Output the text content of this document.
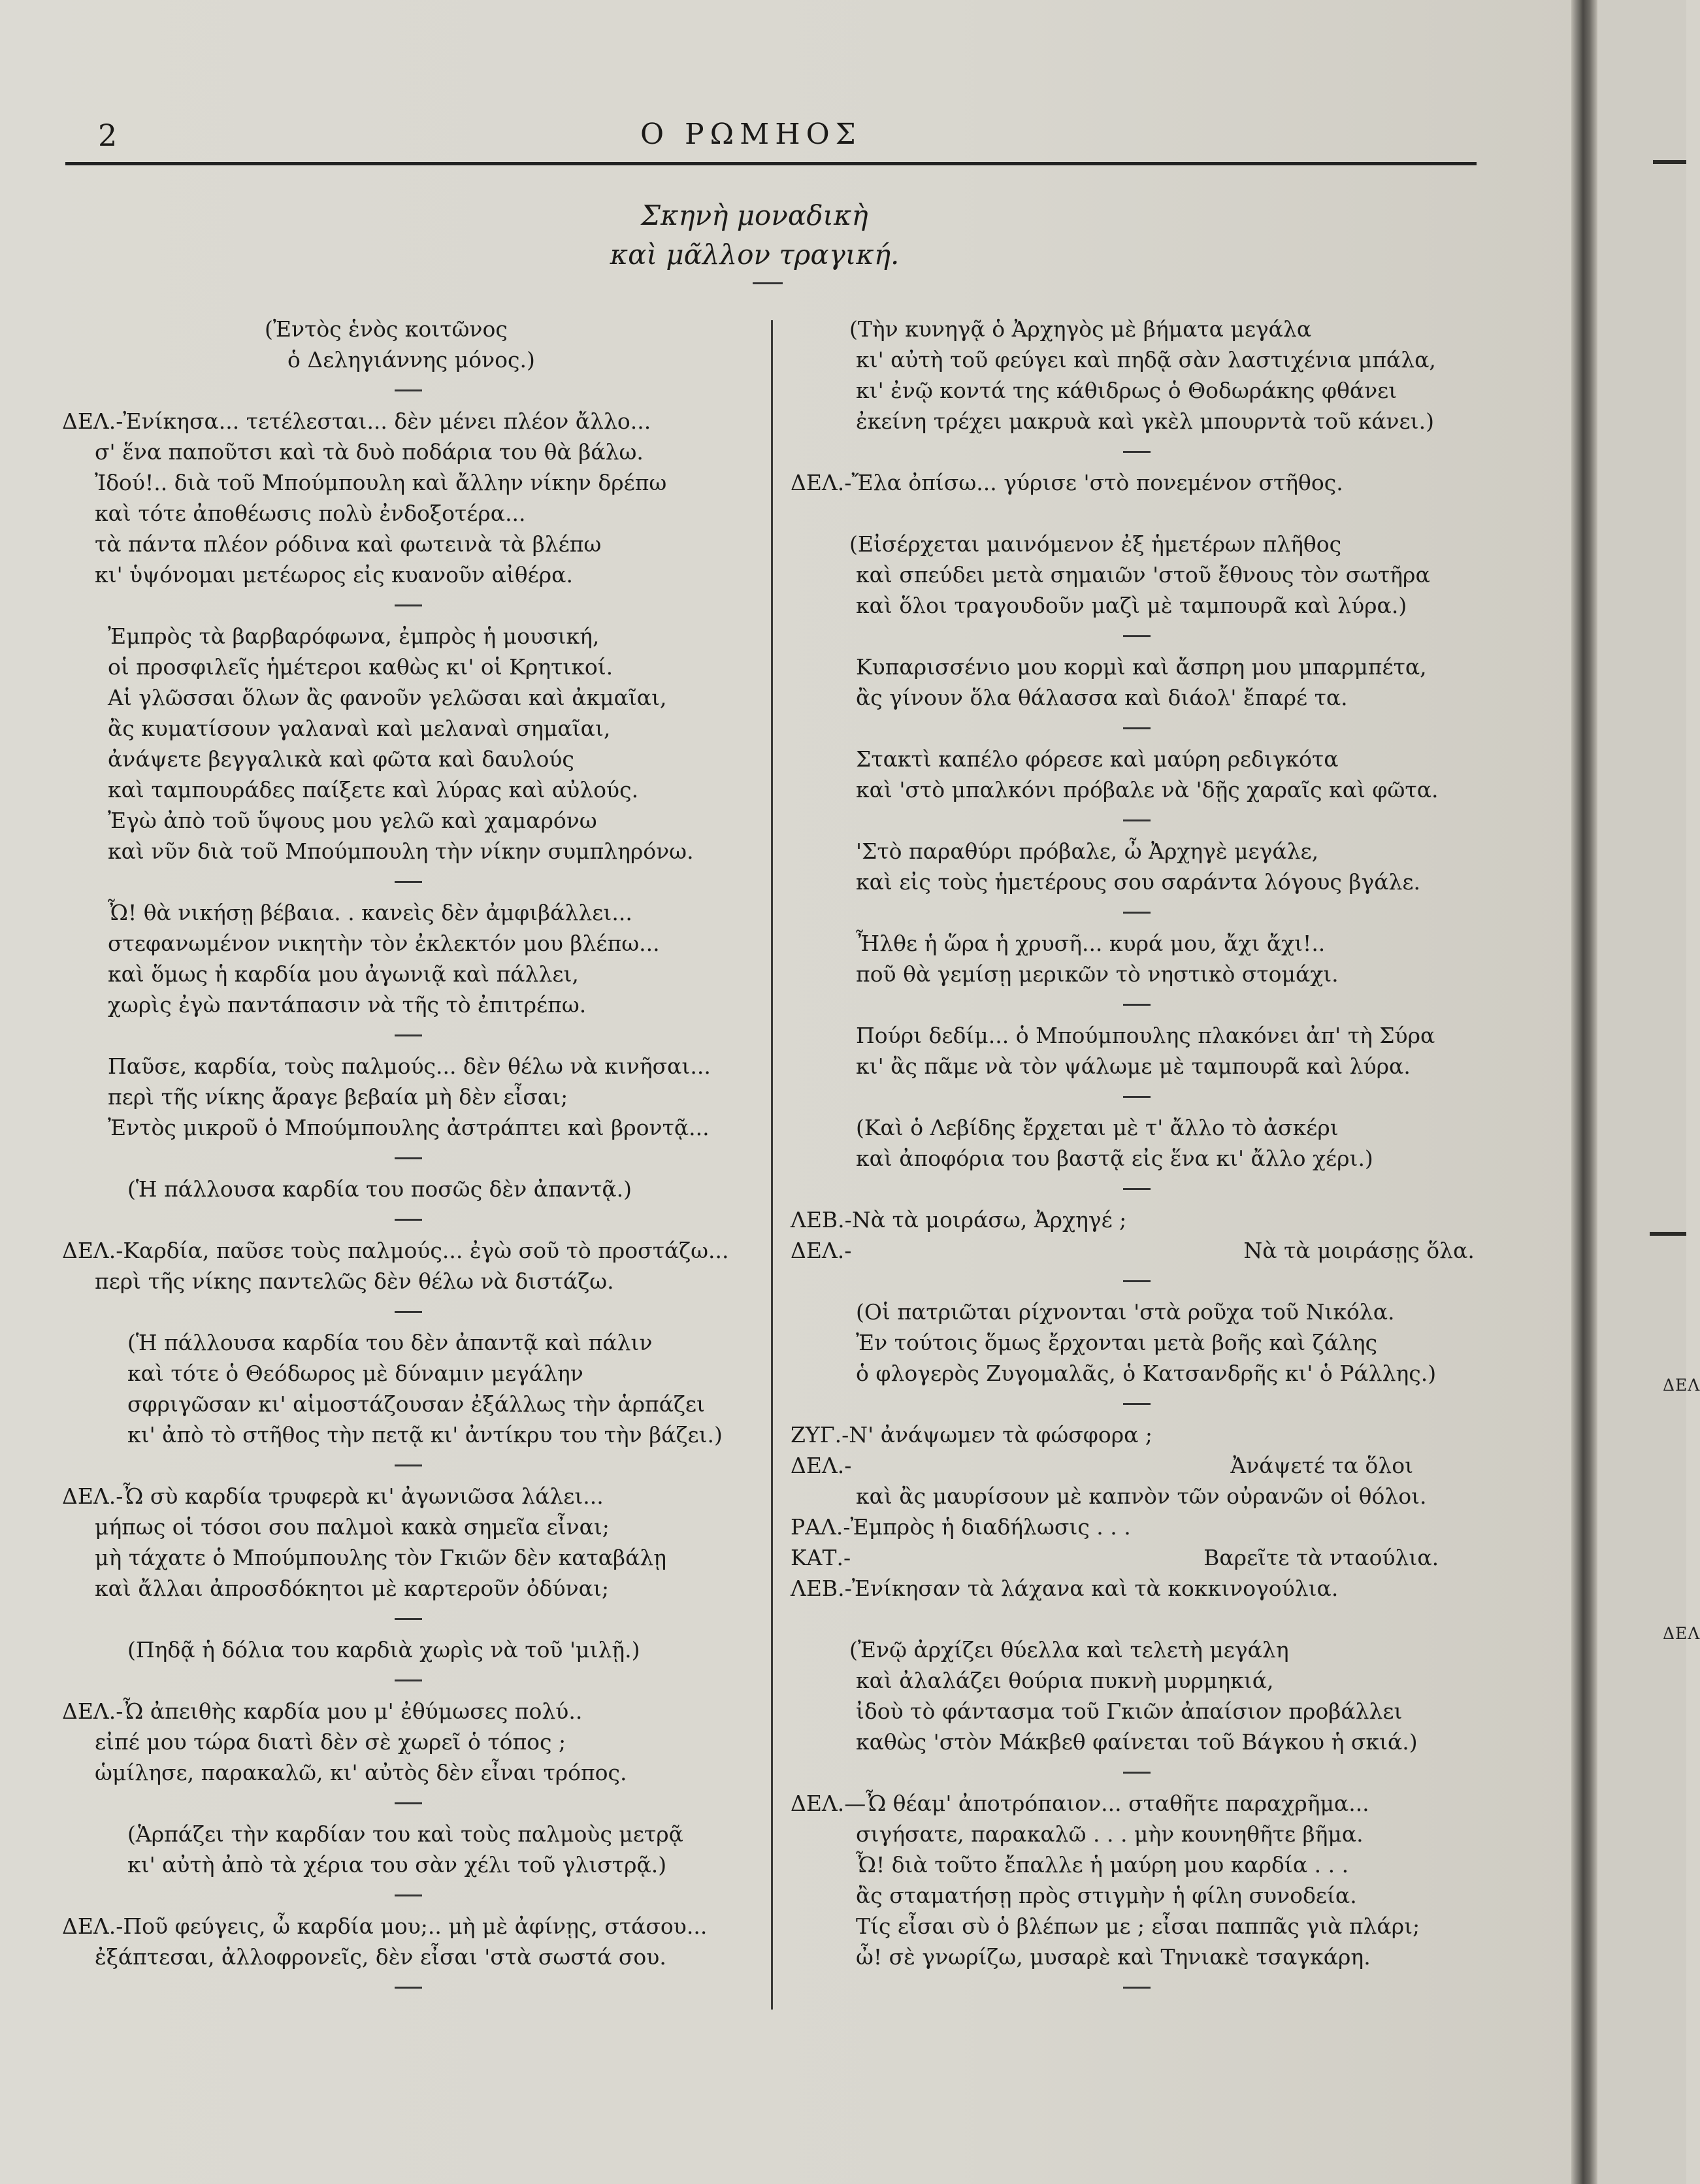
ΔΕΛ
ΔΕΛ
2	Ο ΡΩΜΗΟΣ
Σκηνὴ μοναδικὴ
καὶ μᾶλλον τραγική.
(Ἐντὸς ἑνὸς κοιτῶνος
ὁ Δεληγιάννης μόνος.)
ΔΕΛ.-Ἐνίκησα... τετέλεσται... δὲν μένει πλέον ἄλλο...
σ' ἕνα παποῦτσι καὶ τὰ δυὸ ποδάρια του θὰ βάλω.
Ἰδού!.. διὰ τοῦ Μπούμπουλη καὶ ἄλλην νίκην δρέπω
καὶ τότε ἀποθέωσις πολὺ ἐνδοξοτέρα...
τὰ πάντα πλέον ρόδινα καὶ φωτεινὰ τὰ βλέπω
κι' ὑψόνομαι μετέωρος εἰς κυανοῦν αἰθέρα.
Ἐμπρὸς τὰ βαρβαρόφωνα, ἐμπρὸς ἡ μουσική,
οἱ προσφιλεῖς ἡμέτεροι καθὼς κι' οἱ Κρητικοί.
Αἱ γλῶσσαι ὅλων ἂς φανοῦν γελῶσαι καὶ ἀκμαῖαι,
ἂς κυματίσουν γαλαναὶ καὶ μελαναὶ σημαῖαι,
ἀνάψετε βεγγαλικὰ καὶ φῶτα καὶ δαυλούς
καὶ ταμπουράδες παίξετε καὶ λύρας καὶ αὐλούς.
Ἐγὼ ἀπὸ τοῦ ὕψους μου γελῶ καὶ χαμαρόνω
καὶ νῦν διὰ τοῦ Μπούμπουλη τὴν νίκην συμπληρόνω.
Ὦ! θὰ νικήσῃ βέβαια. . κανεὶς δὲν ἀμφιβάλλει...
στεφανωμένον νικητὴν τὸν ἐκλεκτόν μου βλέπω...
καὶ ὅμως ἡ καρδία μου ἀγωνιᾷ καὶ πάλλει,
χωρὶς ἐγὼ παντάπασιν νὰ τῆς τὸ ἐπιτρέπω.
Παῦσε, καρδία, τοὺς παλμούς... δὲν θέλω νὰ κινῆσαι...
περὶ τῆς νίκης ἄραγε βεβαία μὴ δὲν εἶσαι;
Ἐντὸς μικροῦ ὁ Μπούμπουλης ἀστράπτει καὶ βροντᾷ...
(Ἡ πάλλουσα καρδία του ποσῶς δὲν ἀπαντᾷ.)
ΔΕΛ.-Καρδία, παῦσε τοὺς παλμούς... ἐγὼ σοῦ τὸ προστάζω...
περὶ τῆς νίκης παντελῶς δὲν θέλω νὰ διστάζω.
(Ἡ πάλλουσα καρδία του δὲν ἀπαντᾷ καὶ πάλιν
καὶ τότε ὁ Θεόδωρος μὲ δύναμιν μεγάλην
σφριγῶσαν κι' αἱμοστάζουσαν ἐξάλλως τὴν ἁρπάζει
κι' ἀπὸ τὸ στῆθος τὴν πετᾷ κι' ἀντίκρυ του τὴν βάζει.)
ΔΕΛ.-Ὦ σὺ καρδία τρυφερὰ κι' ἀγωνιῶσα λάλει...
μήπως οἱ τόσοι σου παλμοὶ κακὰ σημεῖα εἶναι;
μὴ τάχατε ὁ Μπούμπουλης τὸν Γκιῶν δὲν καταβάλῃ
καὶ ἄλλαι ἀπροσδόκητοι μὲ καρτεροῦν ὀδύναι;
(Πηδᾷ ἡ δόλια του καρδιὰ χωρὶς νὰ τοῦ 'μιλῇ.)
ΔΕΛ.-Ὦ ἀπειθὴς καρδία μου μ' ἐθύμωσες πολύ..
εἰπέ μου τώρα διατὶ δὲν σὲ χωρεῖ ὁ τόπος ;
ὡμίλησε, παρακαλῶ, κι' αὐτὸς δὲν εἶναι τρόπος.
(Ἁρπάζει τὴν καρδίαν του καὶ τοὺς παλμοὺς μετρᾷ
κι' αὐτὴ ἀπὸ τὰ χέρια του σὰν χέλι τοῦ γλιστρᾷ.)
ΔΕΛ.-Ποῦ φεύγεις, ὦ καρδία μου;.. μὴ μὲ ἀφίνῃς, στάσου...
ἐξάπτεσαι, ἀλλοφρονεῖς, δὲν εἶσαι 'στὰ σωστά σου.
(Τὴν κυνηγᾷ ὁ Ἀρχηγὸς μὲ βήματα μεγάλα
κι' αὐτὴ τοῦ φεύγει καὶ πηδᾷ σὰν λαστιχένια μπάλα,
κι' ἐνῷ κοντά της κάθιδρως ὁ Θοδωράκης φθάνει
ἐκείνη τρέχει μακρυὰ καὶ γκὲλ μπουρντὰ τοῦ κάνει.)
ΔΕΛ.-Ἔλα ὀπίσω... γύρισε 'στὸ πονεμένον στῆθος.
(Εἰσέρχεται μαινόμενον ἐξ ἡμετέρων πλῆθος
καὶ σπεύδει μετὰ σημαιῶν 'στοῦ ἔθνους τὸν σωτῆρα
καὶ ὅλοι τραγουδοῦν μαζὶ μὲ ταμπουρᾶ καὶ λύρα.)
Κυπαρισσένιο μου κορμὶ καὶ ἄσπρη μου μπαρμπέτα,
ἂς γίνουν ὅλα θάλασσα καὶ διάολ' ἔπαρέ τα.
Στακτὶ καπέλο φόρεσε καὶ μαύρη ρεδιγκότα
καὶ 'στὸ μπαλκόνι πρόβαλε νὰ 'δῇς χαραῖς καὶ φῶτα.
'Στὸ παραθύρι πρόβαλε, ὦ Ἀρχηγὲ μεγάλε,
καὶ εἰς τοὺς ἡμετέρους σου σαράντα λόγους βγάλε.
Ἦλθε ἡ ὥρα ἡ χρυσῆ... κυρά μου, ἄχι ἄχι!..
ποῦ θὰ γεμίσῃ μερικῶν τὸ νηστικὸ στομάχι.
Πούρι δεδίμ... ὁ Μπούμπουλης πλακόνει ἀπ' τὴ Σύρα
κι' ἂς πᾶμε νὰ τὸν ψάλωμε μὲ ταμπουρᾶ καὶ λύρα.
(Καὶ ὁ Λεβίδης ἔρχεται μὲ τ' ἄλλο τὸ ἀσκέρι
καὶ ἀποφόρια του βαστᾷ εἰς ἕνα κι' ἄλλο χέρι.)
ΛΕΒ.-Νὰ τὰ μοιράσω, Ἀρχηγέ ;
ΔΕΛ.-	Νὰ τὰ μοιράσῃς ὅλα.
(Οἱ πατριῶται ρίχνονται 'στὰ ροῦχα τοῦ Νικόλα.
Ἐν τούτοις ὅμως ἔρχονται μετὰ βοῆς καὶ ζάλης
ὁ φλογερὸς Ζυγομαλᾶς, ὁ Κατσανδρῆς κι' ὁ Ράλλης.)
ΖΥΓ.-Ν' ἀνάψωμεν τὰ φώσφορα ;
ΔΕΛ.-	Ἀνάψετέ τα ὅλοι
καὶ ἂς μαυρίσουν μὲ καπνὸν τῶν οὐρανῶν οἱ θόλοι.
ΡΑΛ.-Ἐμπρὸς ἡ διαδήλωσις . . .
ΚΑΤ.-	Βαρεῖτε τὰ νταούλια.
ΛΕΒ.-Ἐνίκησαν τὰ λάχανα καὶ τὰ κοκκινογούλια.
(Ἐνῷ ἀρχίζει θύελλα καὶ τελετὴ μεγάλη
καὶ ἀλαλάζει θούρια πυκνὴ μυρμηκιά,
ἰδοὺ τὸ φάντασμα τοῦ Γκιῶν ἀπαίσιον προβάλλει
καθὼς 'στὸν Μάκβεθ φαίνεται τοῦ Βάγκου ἡ σκιά.)
ΔΕΛ.—Ὦ θέαμ' ἀποτρόπαιον... σταθῆτε παραχρῆμα...
σιγήσατε, παρακαλῶ . . . μὴν κουνηθῆτε βῆμα.
Ὦ! διὰ τοῦτο ἔπαλλε ἡ μαύρη μου καρδία . . .
ἂς σταματήσῃ πρὸς στιγμὴν ἡ φίλη συνοδεία.
Τίς εἶσαι σὺ ὁ βλέπων με ; εἶσαι παππᾶς γιὰ πλάρι;
ὦ! σὲ γνωρίζω, μυσαρὲ καὶ Τηνιακὲ τσαγκάρη.
